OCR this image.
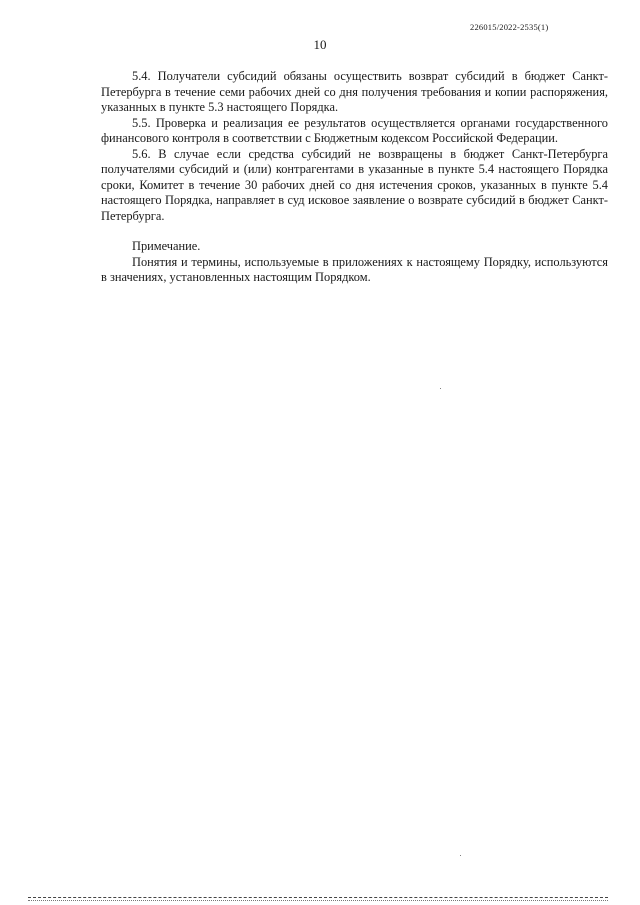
226015/2022-2535(1)
10

5.4. Получатели субсидий обязаны осуществить возврат субсидий в бюджет Санкт-Петербурга в течение семи рабочих дней со дня получения требования и копии распоряжения, указанных в пункте 5.3 настоящего Порядка.

5.5. Проверка и реализация ее результатов осуществляется органами государственного финансового контроля в соответствии с Бюджетным кодексом Российской Федерации.

5.6. В случае если средства субсидий не возвращены в бюджет Санкт-Петербурга получателями субсидий и (или) контрагентами в указанные в пункте 5.4 настоящего Порядка сроки, Комитет в течение 30 рабочих дней со дня истечения сроков, указанных в пункте 5.4 настоящего Порядка, направляет в суд исковое заявление о возврате субсидий в бюджет Санкт-Петербурга.

Примечание.

Понятия и термины, используемые в приложениях к настоящему Порядку, используются в значениях, установленных настоящим Порядком.
